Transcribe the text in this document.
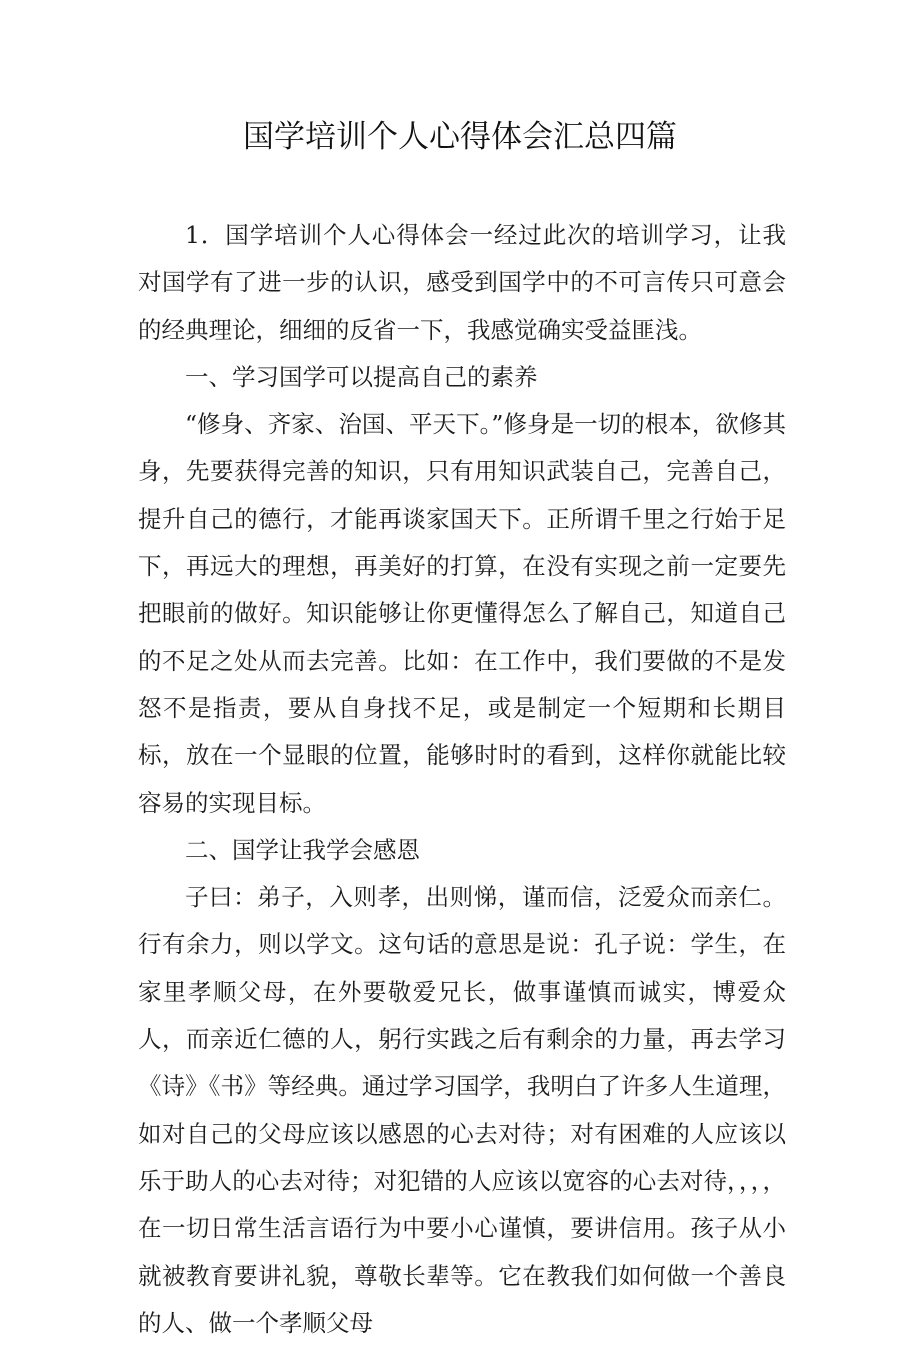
国学培训个人心得体会汇总四篇

1．国学培训个人心得体会一经过此次的培训学习，让我对国学有了进一步的认识，感受到国学中的不可言传只可意会的经典理论，细细的反省一下，我感觉确实受益匪浅。

一、学习国学可以提高自己的素养

“修身、齐家、治国、平天下。”修身是一切的根本，欲修其身，先要获得完善的知识，只有用知识武装自己，完善自己，提升自己的德行，才能再谈家国天下。正所谓千里之行始于足下，再远大的理想，再美好的打算，在没有实现之前一定要先把眼前的做好。知识能够让你更懂得怎么了解自己，知道自己的不足之处从而去完善。比如：在工作中，我们要做的不是发怒不是指责，要从自身找不足，或是制定一个短期和长期目标，放在一个显眼的位置，能够时时的看到，这样你就能比较容易的实现目标。

二、国学让我学会感恩

子曰：弟子，入则孝，出则悌，谨而信，泛爱众而亲仁。行有余力，则以学文。这句话的意思是说：孔子说：学生，在家里孝顺父母，在外要敬爱兄长，做事谨慎而诚实，博爱众人，而亲近仁德的人，躬行实践之后有剩余的力量，再去学习《诗》《书》等经典。通过学习国学，我明白了许多人生道理，如对自己的父母应该以感恩的心去对待；对有困难的人应该以乐于助人的心去对待；对犯错的人应该以宽容的心去对待，，，，在一切日常生活言语行为中要小心谨慎，要讲信用。孩子从小就被教育要讲礼貌，尊敬长辈等。它在教我们如何做一个善良的人、做一个孝顺父母
